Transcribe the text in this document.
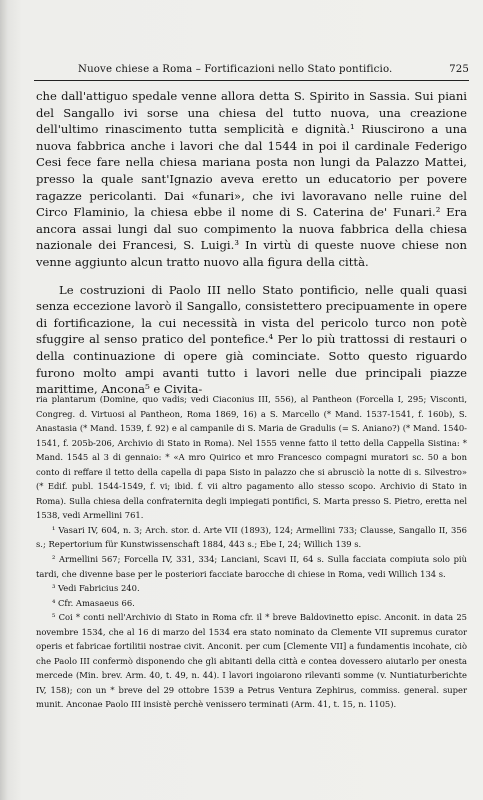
Nuove chiese a Roma – Fortificazioni nello Stato pontificio.	725

che dall'attiguo spedale venne allora detta S. Spirito in Sassia. Sui piani del Sangallo ivi sorse una chiesa del tutto nuova, una creazione dell'ultimo rinascimento tutta semplicità e dignità.¹ Riuscirono a una nuova fabbrica anche i lavori che dal 1544 in poi il cardinale Federigo Cesi fece fare nella chiesa mariana posta non lungi da Palazzo Mattei, presso la quale sant'Ignazio aveva eretto un educatorio per povere ragazze pericolanti. Dai «funari», che ivi lavoravano nelle ruine del Circo Flaminio, la chiesa ebbe il nome di S. Caterina de' Funari.² Era ancora assai lungi dal suo compimento la nuova fabbrica della chiesa nazionale dei Francesi, S. Luigi.³ In virtù di queste nuove chiese non venne aggiunto alcun tratto nuovo alla figura della città.

Le costruzioni di Paolo III nello Stato pontificio, nelle quali quasi senza eccezione lavorò il Sangallo, consistettero precipuamente in opere di fortificazione, la cui necessità in vista del pericolo turco non potè sfuggire al senso pratico del pontefice.⁴ Per lo più trattossi di restauri o della continuazione di opere già cominciate. Sotto questo riguardo furono molto ampi avanti tutto i lavori nelle due principali piazze marittime, Ancona⁵ e Civita-

ria plantarum (Domine, quo vadis; vedi Ciaconius III, 556), al Pantheon (Forcella I, 295; Visconti, Congreg. d. Virtuosi al Pantheon, Roma 1869, 16) a S. Marcello (* Mand. 1537-1541, f. 160b), S. Anastasia (* Mand. 1539, f. 92) e al campanile di S. Maria de Gradulis (= S. Aniano?) (* Mand. 1540-1541, f. 205b-206, Archivio di Stato in Roma). Nel 1555 venne fatto il tetto della Cappella Sistina: * Mand. 1545 al 3 di gennaio: * «A mro Quirico et mro Francesco compagni muratori sc. 50 a bon conto di reffare il tetto della capella di papa Sisto in palazzo che si abrusciò la notte di s. Silvestro» (* Edif. publ. 1544-1549, f. vi; ibid. f. vii altro pagamento allo stesso scopo. Archivio di Stato in Roma). Sulla chiesa della confraternita degli impiegati pontifici, S. Marta presso S. Pietro, eretta nel 1538, vedi Armellini 761.

¹ Vasari IV, 604, n. 3; Arch. stor. d. Arte VII (1893), 124; Armellini 733; Clausse, Sangallo II, 356 s.; Repertorium für Kunstwissenschaft 1884, 443 s.; Ebe I, 24; Willich 139 s.

² Armellini 567; Forcella IV, 331, 334; Lanciani, Scavi II, 64 s. Sulla facciata compiuta solo più tardi, che divenne base per le posteriori facciate barocche di chiese in Roma, vedi Willich 134 s.

³ Vedi Fabricius 240.

⁴ Cfr. Amasaeus 66.

⁵ Coi * conti nell'Archivio di Stato in Roma cfr. il * breve Baldovinetto episc. Anconit. in data 25 novembre 1534, che al 16 di marzo del 1534 era stato nominato da Clemente VII supremus curator operis et fabricae fortilitii nostrae civit. Anconit. per cum [Clemente VII] a fundamentis incohate, ciò che Paolo III confermò disponendo che gli abitanti della città e contea dovessero aiutarlo per onesta mercede (Min. brev. Arm. 40, t. 49, n. 44). I lavori ingoiarono rilevanti somme (v. Nuntiaturberichte IV, 158); con un * breve del 29 ottobre 1539 a Petrus Ventura Zephirus, commiss. general. super munit. Anconae Paolo III insistè perchè venissero terminati (Arm. 41, t. 15, n. 1105).
